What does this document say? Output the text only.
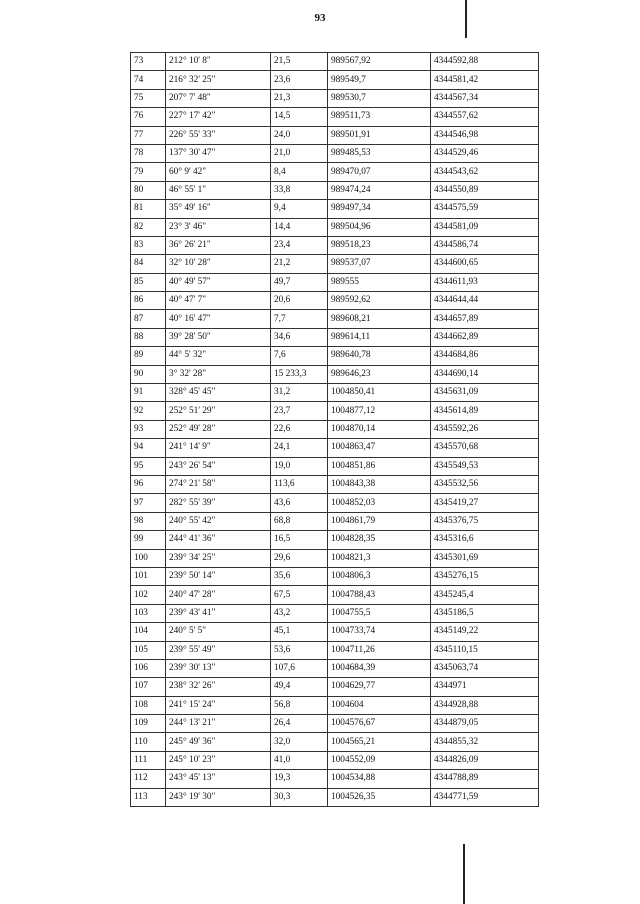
93
73	212° 10' 8"	21,5	989567,92	4344592,88
74	216° 32' 25"	23,6	989549,7	4344581,42
75	207° 7' 48"	21,3	989530,7	4344567,34
76	227° 17' 42"	14,5	989511,73	4344557,62
77	226° 55' 33"	24,0	989501,91	4344546,98
78	137° 30' 47"	21,0	989485,53	4344529,46
79	60° 9' 42"	8,4	989470,07	4344543,62
80	46° 55' 1"	33,8	989474,24	4344550,89
81	35° 49' 16"	9,4	989497,34	4344575,59
82	23° 3' 46"	14,4	989504,96	4344581,09
83	36° 26' 21"	23,4	989518,23	4344586,74
84	32° 10' 28"	21,2	989537,07	4344600,65
85	40° 49' 57"	49,7	989555	4344611,93
86	40° 47' 7"	20,6	989592,62	4344644,44
87	40° 16' 47"	7,7	989608,21	4344657,89
88	39° 28' 50"	34,6	989614,11	4344662,89
89	44° 5' 32"	7,6	989640,78	4344684,86
90	3° 32' 28"	15 233,3	989646,23	4344690,14
91	328° 45' 45"	31,2	1004850,41	4345631,09
92	252° 51' 29"	23,7	1004877,12	4345614,89
93	252° 49' 28"	22,6	1004870,14	4345592,26
94	241° 14' 9"	24,1	1004863,47	4345570,68
95	243° 26' 54"	19,0	1004851,86	4345549,53
96	274° 21' 58"	113,6	1004843,38	4345532,56
97	282° 55' 39"	43,6	1004852,03	4345419,27
98	240° 55' 42"	68,8	1004861,79	4345376,75
99	244° 41' 36"	16,5	1004828,35	4345316,6
100	239° 34' 25"	29,6	1004821,3	4345301,69
101	239° 50' 14"	35,6	1004806,3	4345276,15
102	240° 47' 28"	67,5	1004788,43	4345245,4
103	239° 43' 41"	43,2	1004755,5	4345186,5
104	240° 5' 5"	45,1	1004733,74	4345149,22
105	239° 55' 49"	53,6	1004711,26	4345110,15
106	239° 30' 13"	107,6	1004684,39	4345063,74
107	238° 32' 26"	49,4	1004629,77	4344971
108	241° 15' 24"	56,8	1004604	4344928,88
109	244° 13' 21"	26,4	1004576,67	4344879,05
110	245° 49' 36"	32,0	1004565,21	4344855,32
111	245° 10' 23"	41,0	1004552,09	4344826,09
112	243° 45' 13"	19,3	1004534,88	4344788,89
113	243° 19' 30"	30,3	1004526,35	4344771,59
